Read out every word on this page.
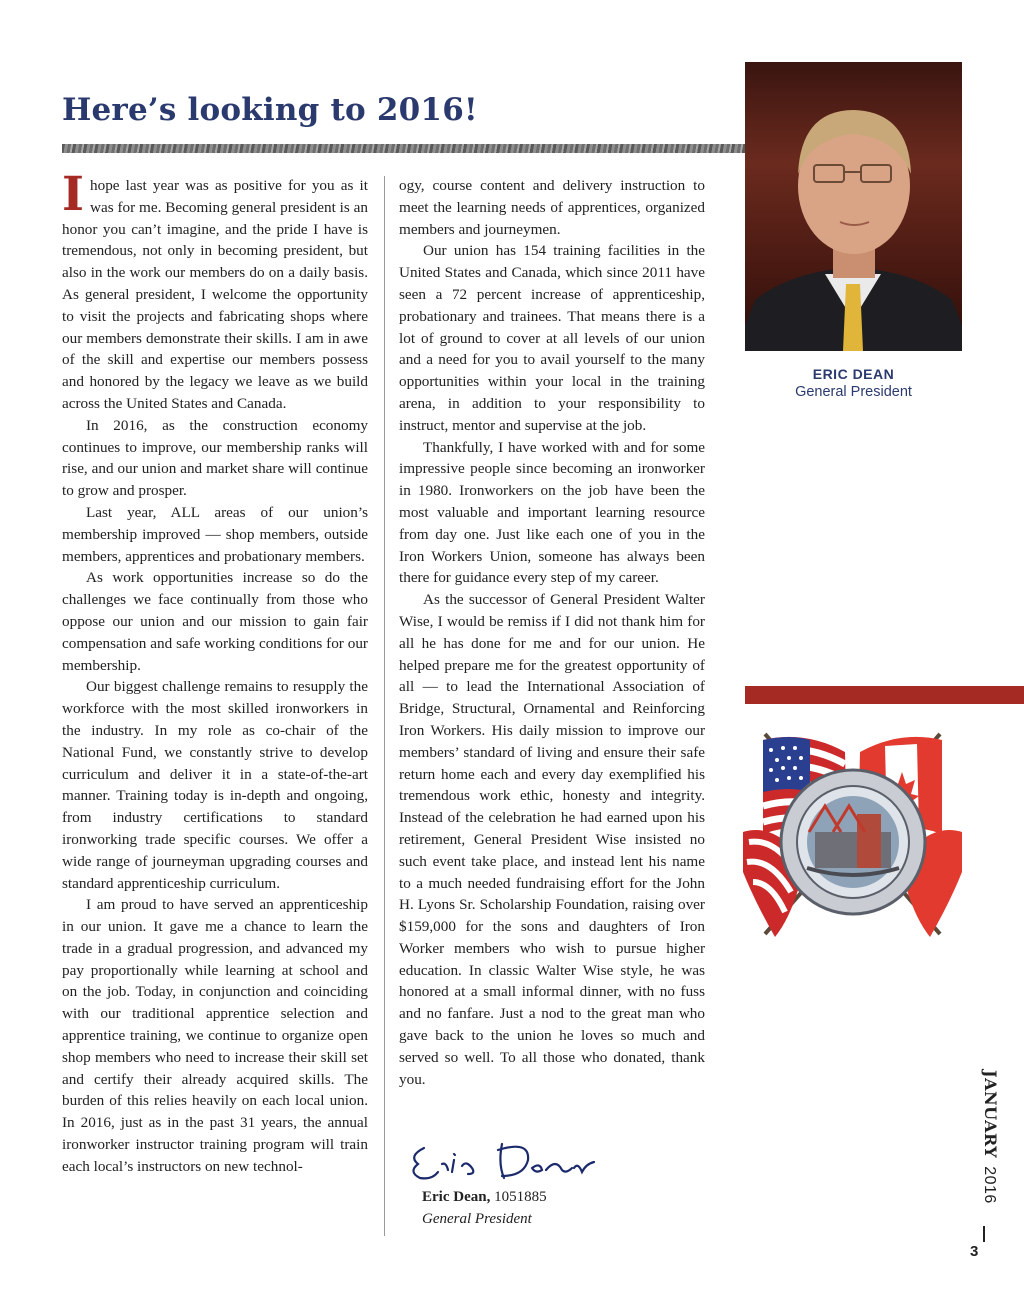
Here’s looking to 2016!

Ihope last year was as positive for you as it was for me. Becoming general president is an honor you can’t imagine, and the pride I have is tremendous, not only in becoming president, but also in the work our members do on a daily basis. As general president, I welcome the opportunity to visit the projects and fabricating shops where our members demonstrate their skills. I am in awe of the skill and expertise our members possess and honored by the legacy we leave as we build across the United States and Canada.

In 2016, as the construction economy continues to improve, our membership ranks will rise, and our union and market share will continue to grow and prosper.

Last year, ALL areas of our union’s membership improved — shop members, outside members, apprentices and probationary members.

As work opportunities increase so do the challenges we face continually from those who oppose our union and our mission to gain fair compensation and safe working conditions for our membership.

Our biggest challenge remains to resupply the workforce with the most skilled ironworkers in the industry. In my role as co-chair of the National Fund, we constantly strive to develop curriculum and deliver it in a state-of-the-art manner. Training today is in-depth and ongoing, from industry certifications to standard ironworking trade specific courses. We offer a wide range of journeyman upgrading courses and standard apprenticeship curriculum.

I am proud to have served an apprenticeship in our union. It gave me a chance to learn the trade in a gradual progression, and advanced my pay proportionally while learning at school and on the job. Today, in conjunction and coinciding with our traditional apprentice selection and apprentice training, we continue to organize open shop members who need to increase their skill set and certify their already acquired skills. The burden of this relies heavily on each local union. In 2016, just as in the past 31 years, the annual ironworker instructor training program will train each local’s instructors on new technol-

ogy, course content and delivery instruction to meet the learning needs of apprentices, organized members and journeymen.

Our union has 154 training facilities in the United States and Canada, which since 2011 have seen a 72 percent increase of apprenticeship, probationary and trainees. That means there is a lot of ground to cover at all levels of our union and a need for you to avail yourself to the many opportunities within your local in the training arena, in addition to your responsibility to instruct, mentor and supervise at the job.

Thankfully, I have worked with and for some impressive people since becoming an ironworker in 1980. Ironworkers on the job have been the most valuable and important learning resource from day one. Just like each one of you in the Iron Workers Union, someone has always been there for guidance every step of my career.

As the successor of General President Walter Wise, I would be remiss if I did not thank him for all he has done for me and for our union. He helped prepare me for the greatest opportunity of all — to lead the International Association of Bridge, Structural, Ornamental and Reinforcing Iron Workers. His daily mission to improve our members’ standard of living and ensure their safe return home each and every day exemplified his tremendous work ethic, honesty and integrity. Instead of the celebration he had earned upon his retirement, General President Wise insisted no such event take place, and instead lent his name to a much needed fundraising effort for the John H. Lyons Sr. Scholarship Foundation, raising over $159,000 for the sons and daughters of Iron Worker members who wish to pursue higher education. In classic Walter Wise style, he was honored at a small informal dinner, with no fuss and no fanfare. Just a nod to the great man who gave back to the union he loves so much and served so well. To all those who donated, thank you.

ERIC DEAN
General President
Eric Dean, 1051885
General President
JANUARY2016
3
